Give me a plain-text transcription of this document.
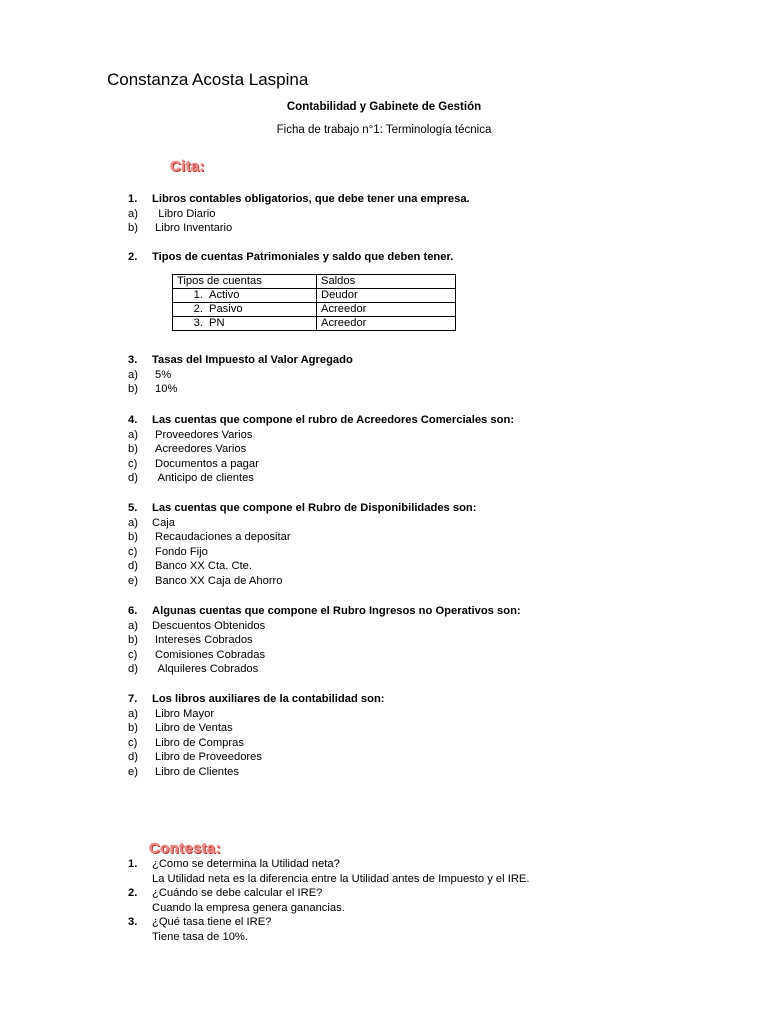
Constanza Acosta Laspina
Contabilidad y Gabinete de Gestión
Ficha de trabajo n°1: Terminología técnica
Cita:
1. Libros contables obligatorios, que debe tener una empresa.
a) Libro Diario
b) Libro Inventario
2. Tipos de cuentas Patrimoniales y saldo que deben tener.
Tipos de cuentas	Saldos
1. Activo	Deudor
2. Pasivo	Acreedor
3. PN	Acreedor
3. Tasas del Impuesto al Valor Agregado
a) 5%
b) 10%
4. Las cuentas que compone el rubro de Acreedores Comerciales son:
a) Proveedores Varios
b) Acreedores Varios
c) Documentos a pagar
d) Anticipo de clientes
5. Las cuentas que compone el Rubro de Disponibilidades son:
a) Caja
b) Recaudaciones a depositar
c) Fondo Fijo
d) Banco XX Cta. Cte.
e) Banco XX Caja de Ahorro
6. Algunas cuentas que compone el Rubro Ingresos no Operativos son:
a) Descuentos Obtenidos
b) Intereses Cobrados
c) Comisiones Cobradas
d) Alquileres Cobrados
7. Los libros auxiliares de la contabilidad son:
a) Libro Mayor
b) Libro de Ventas
c) Libro de Compras
d) Libro de Proveedores
e) Libro de Clientes
Contesta:
1. ¿Como se determina la Utilidad neta?
La Utilidad neta es la diferencia entre la Utilidad antes de Impuesto y el IRE.
2. ¿Cuándo se debe calcular el IRE?
Cuando la empresa genera ganancias.
3. ¿Qué tasa tiene el IRE?
Tiene tasa de 10%.
